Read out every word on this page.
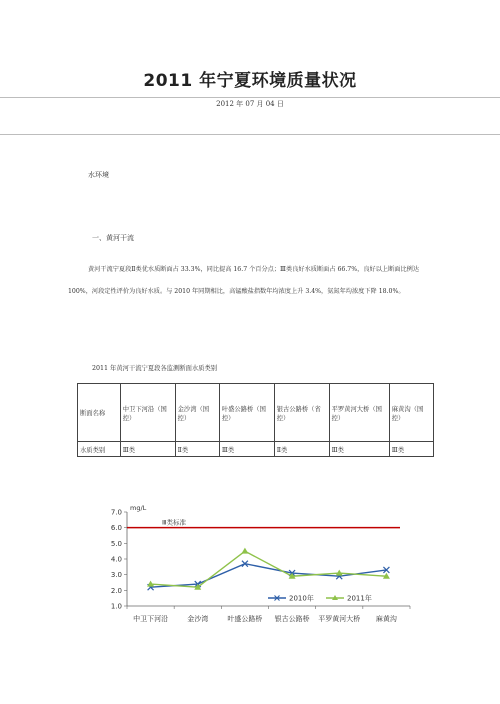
2011 年宁夏环境质量状况
2012 年 07 月 04 日
水环境
一、黄河干流

黄河干流宁夏段Ⅱ类优水质断面占 33.3%，同比提高 16.7 个百分点；Ⅲ类良好水质断面占 66.7%，良好以上断面比例达 100%，河段定性评价为良好水质。与 2010 年同期相比，高锰酸盐指数年均浓度上升 3.4%，氨氮年均浓度下降 18.0%。

2011 年黄河干流宁夏段各监测断面水质类别
断面名称	中卫下河沿（国控）	金沙湾（国控）	叶盛公路桥（国控）	银古公路桥（省控）	平罗黄河大桥（国控）	麻黄沟（国控）
水质类别	Ⅲ类	Ⅱ类	Ⅲ类	Ⅱ类	Ⅲ类	Ⅲ类
mg/L
7.0
6.0
5.0
4.0
3.0
2.0
1.0
中卫下河沿	金沙湾	叶盛公路桥 银古公路桥 平罗黄河大桥 麻黄沟
Ⅲ类标准
2010年	2011年
